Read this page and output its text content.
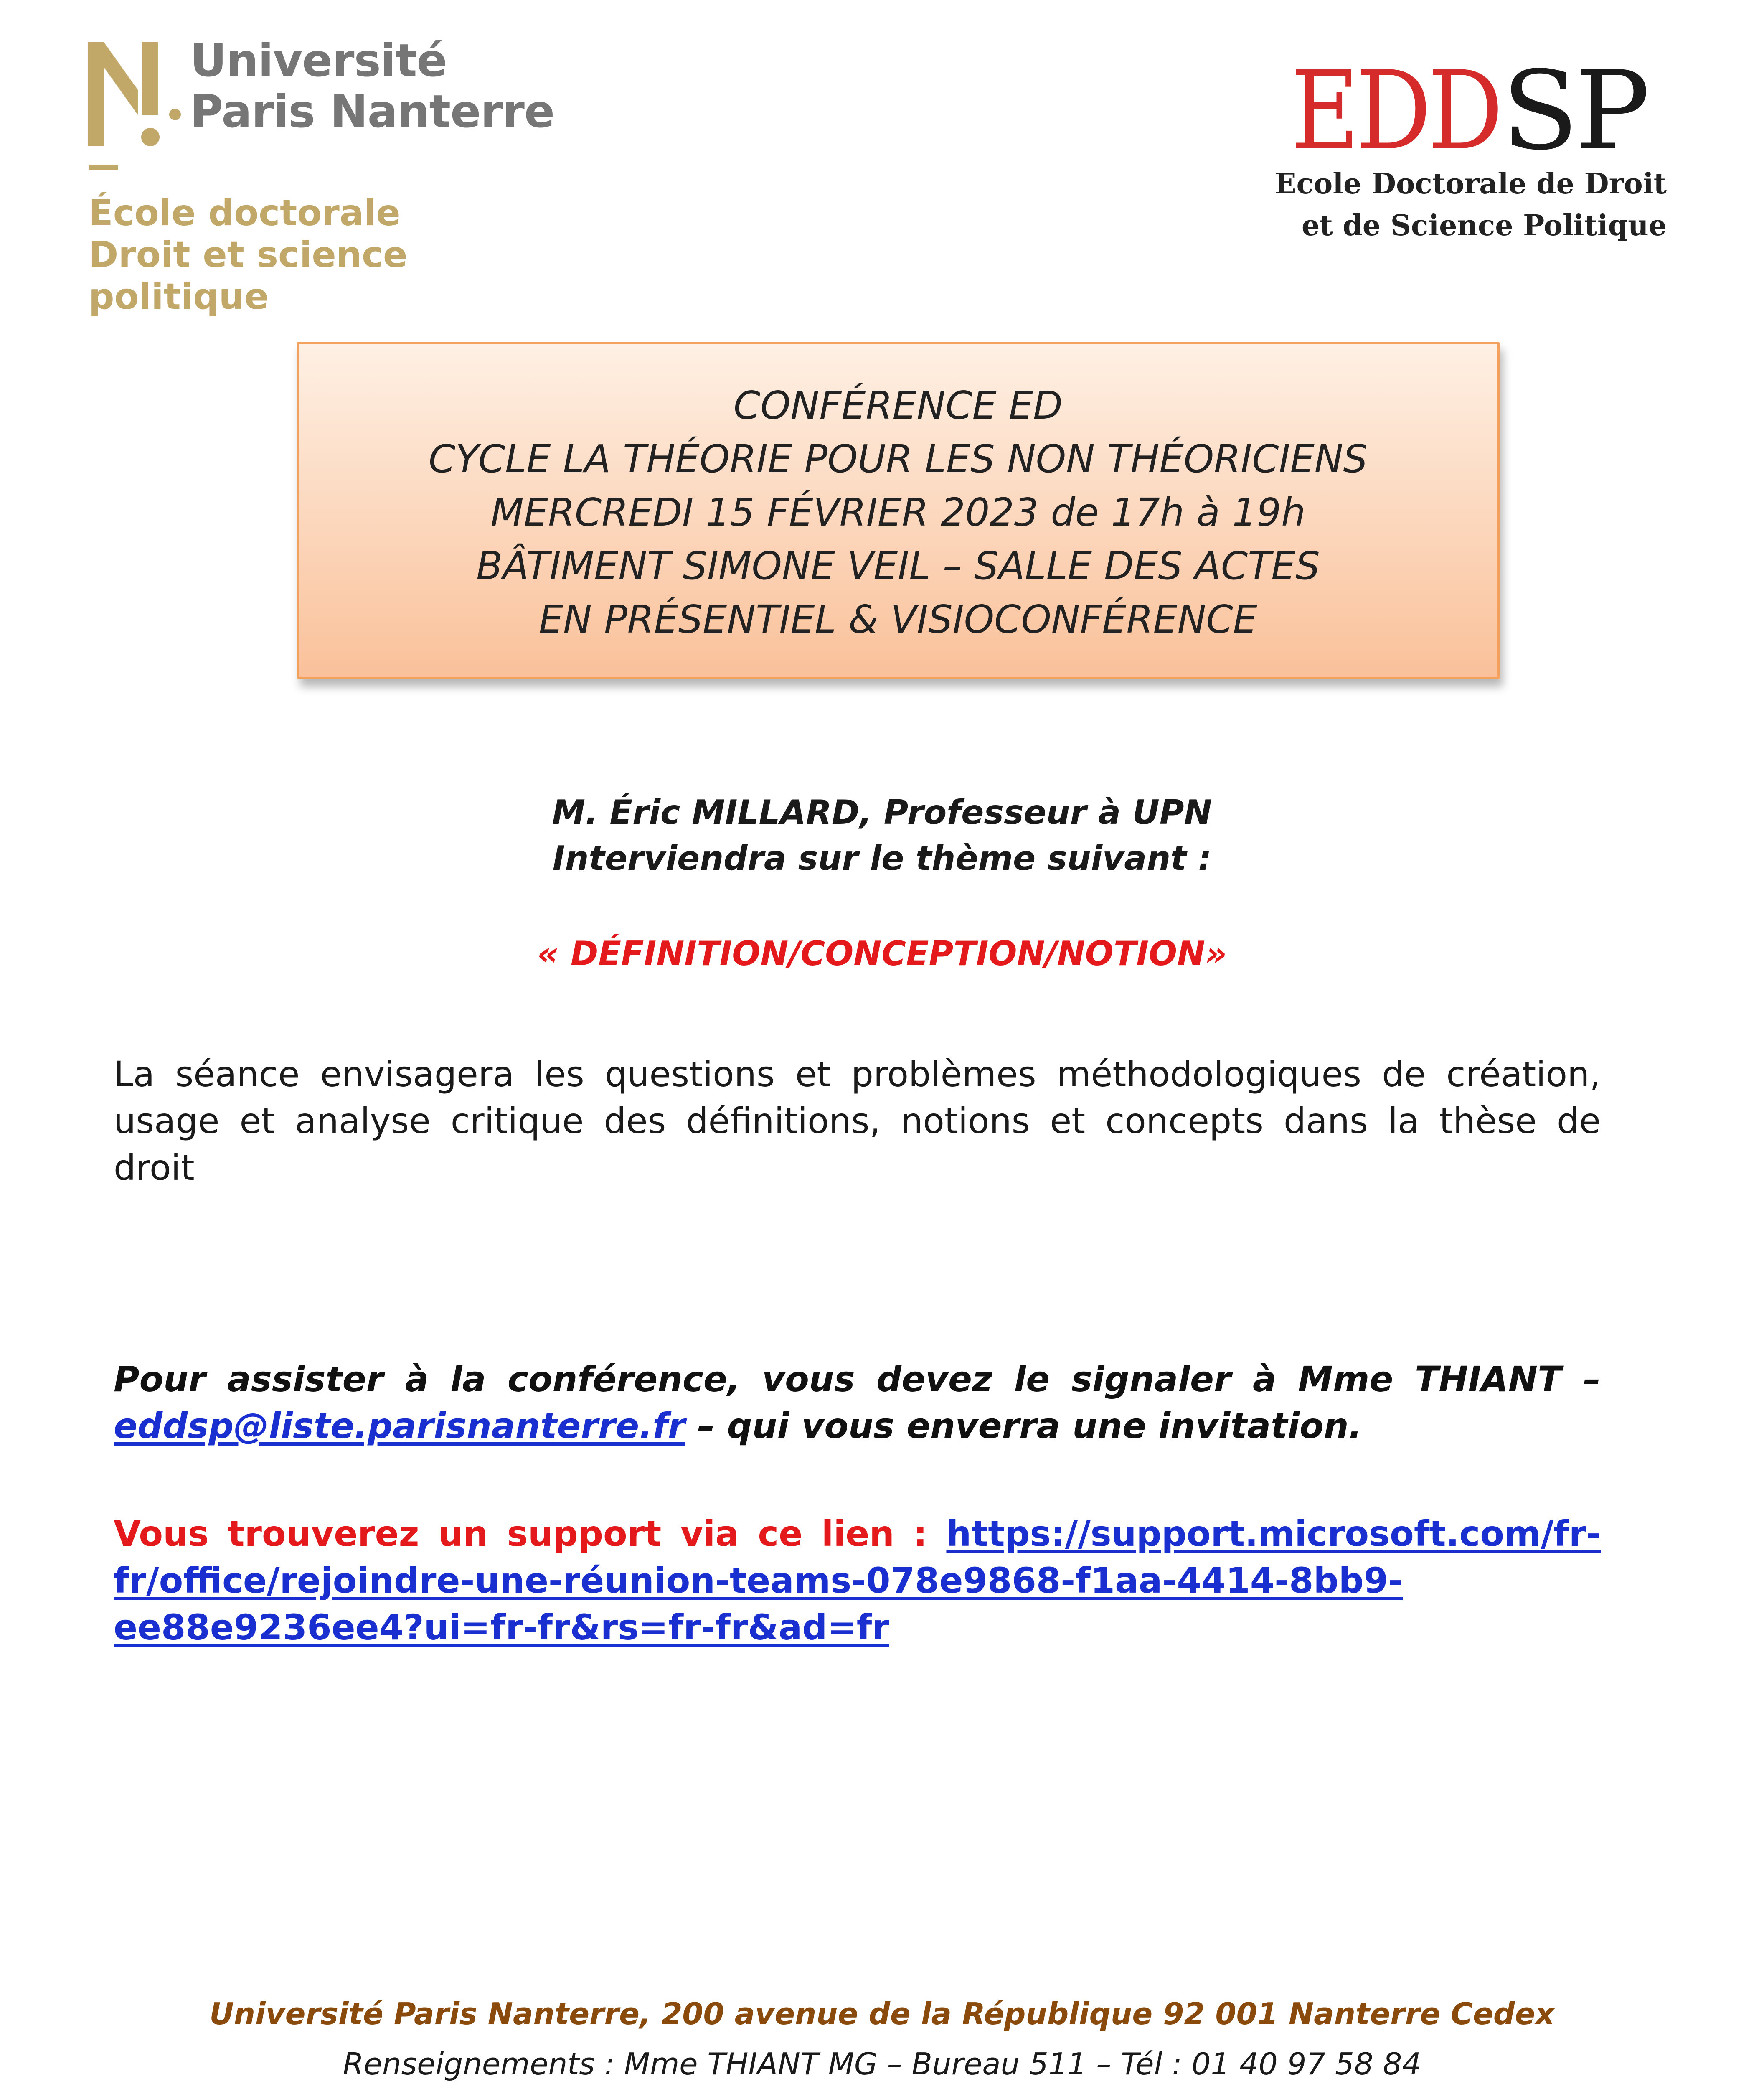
Université
Paris Nanterre
École doctorale
Droit et science politique
EDD SP
Ecole Doctorale de Droit
et de Science Politique
CONFÉRENCE ED
CYCLE LA THÉORIE POUR LES NON THÉORICIENS
MERCREDI 15 FÉVRIER 2023 de 17h à 19h
BÂTIMENT SIMONE VEIL – SALLE DES ACTES
EN PRÉSENTIEL & VISIOCONFÉRENCE
M. Éric MILLARD, Professeur à UPN
Interviendra sur le thème suivant :
« DÉFINITION/CONCEPTION/NOTION»
La séance envisagera les questions et problèmes méthodologiques de création,
usage et analyse critique des définitions, notions et concepts dans la thèse de
droit
Pour assister à la conférence, vous devez le signaler à Mme THIANT –
eddsp@liste.parisnanterre.fr – qui vous enverra une invitation.
Vous trouverez un support via ce lien : https://support.microsoft.com/fr-
fr/office/rejoindre-une-réunion-teams-078e9868-f1aa-4414-8bb9-
ee88e9236ee4?ui=fr-fr&rs=fr-fr&ad=fr
Université Paris Nanterre, 200 avenue de la République 92 001 Nanterre Cedex
Renseignements : Mme THIANT MG – Bureau 511 – Tél : 01 40 97 58 84
